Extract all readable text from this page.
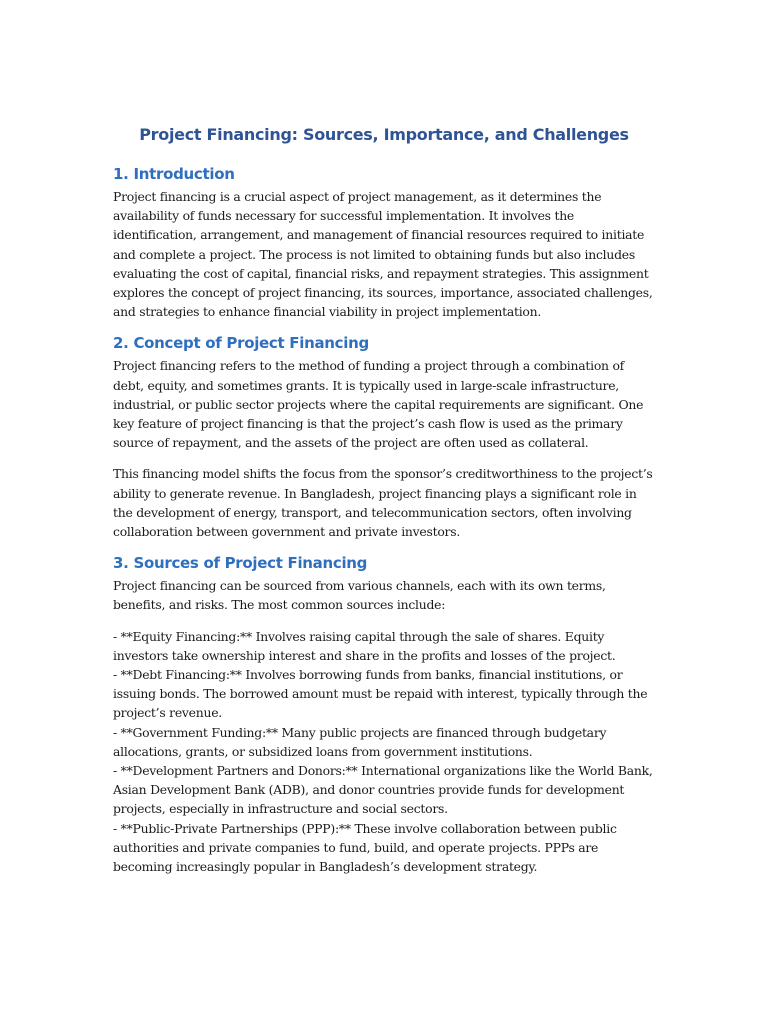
Project Financing: Sources, Importance, and Challenges
1. Introduction

Project financing is a crucial aspect of project management, as it determines the availability of funds necessary for successful implementation. It involves the identification, arrangement, and management of financial resources required to initiate and complete a project. The process is not limited to obtaining funds but also includes evaluating the cost of capital, financial risks, and repayment strategies. This assignment explores the concept of project financing, its sources, importance, associated challenges, and strategies to enhance financial viability in project implementation.

2. Concept of Project Financing

Project financing refers to the method of funding a project through a combination of debt, equity, and sometimes grants. It is typically used in large-scale infrastructure, industrial, or public sector projects where the capital requirements are significant. One key feature of project financing is that the project’s cash flow is used as the primary source of repayment, and the assets of the project are often used as collateral.

This financing model shifts the focus from the sponsor’s creditworthiness to the project’s ability to generate revenue. In Bangladesh, project financing plays a significant role in the development of energy, transport, and telecommunication sectors, often involving collaboration between government and private investors.

3. Sources of Project Financing

Project financing can be sourced from various channels, each with its own terms, benefits, and risks. The most common sources include:

- **Equity Financing:** Involves raising capital through the sale of shares. Equity investors take ownership interest and share in the profits and losses of the project.
- **Debt Financing:** Involves borrowing funds from banks, financial institutions, or issuing bonds. The borrowed amount must be repaid with interest, typically through the project’s revenue.
- **Government Funding:** Many public projects are financed through budgetary allocations, grants, or subsidized loans from government institutions.
- **Development Partners and Donors:** International organizations like the World Bank, Asian Development Bank (ADB), and donor countries provide funds for development projects, especially in infrastructure and social sectors.
- **Public-Private Partnerships (PPP):** These involve collaboration between public authorities and private companies to fund, build, and operate projects. PPPs are becoming increasingly popular in Bangladesh’s development strategy.
